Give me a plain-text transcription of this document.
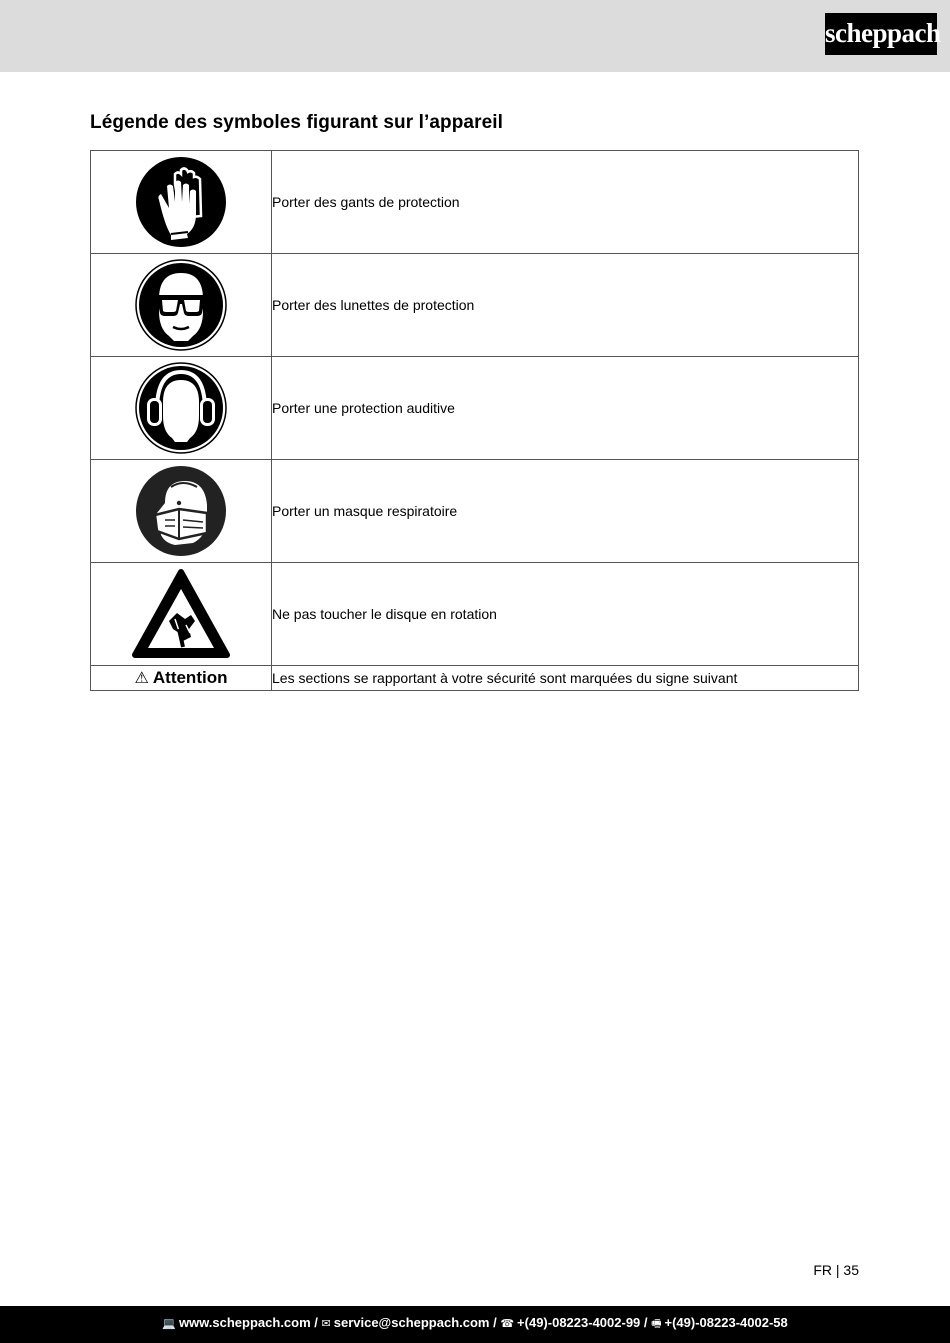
scheppach
Légende des symboles figurant sur l’appareil
	Porter des gants de protection

	Porter des lunettes de protection

	Porter une protection auditive

	Porter un masque respiratoire

	Ne pas toucher le disque en rotation
⚠ Attention	Les sections se rapportant à votre sécurité sont marquées du signe suivant
FR | 35
💻 www.scheppach.com / ✉ service@scheppach.com / ☎ +(49)-08223-4002-99 / 🖷 +(49)-08223-4002-58
